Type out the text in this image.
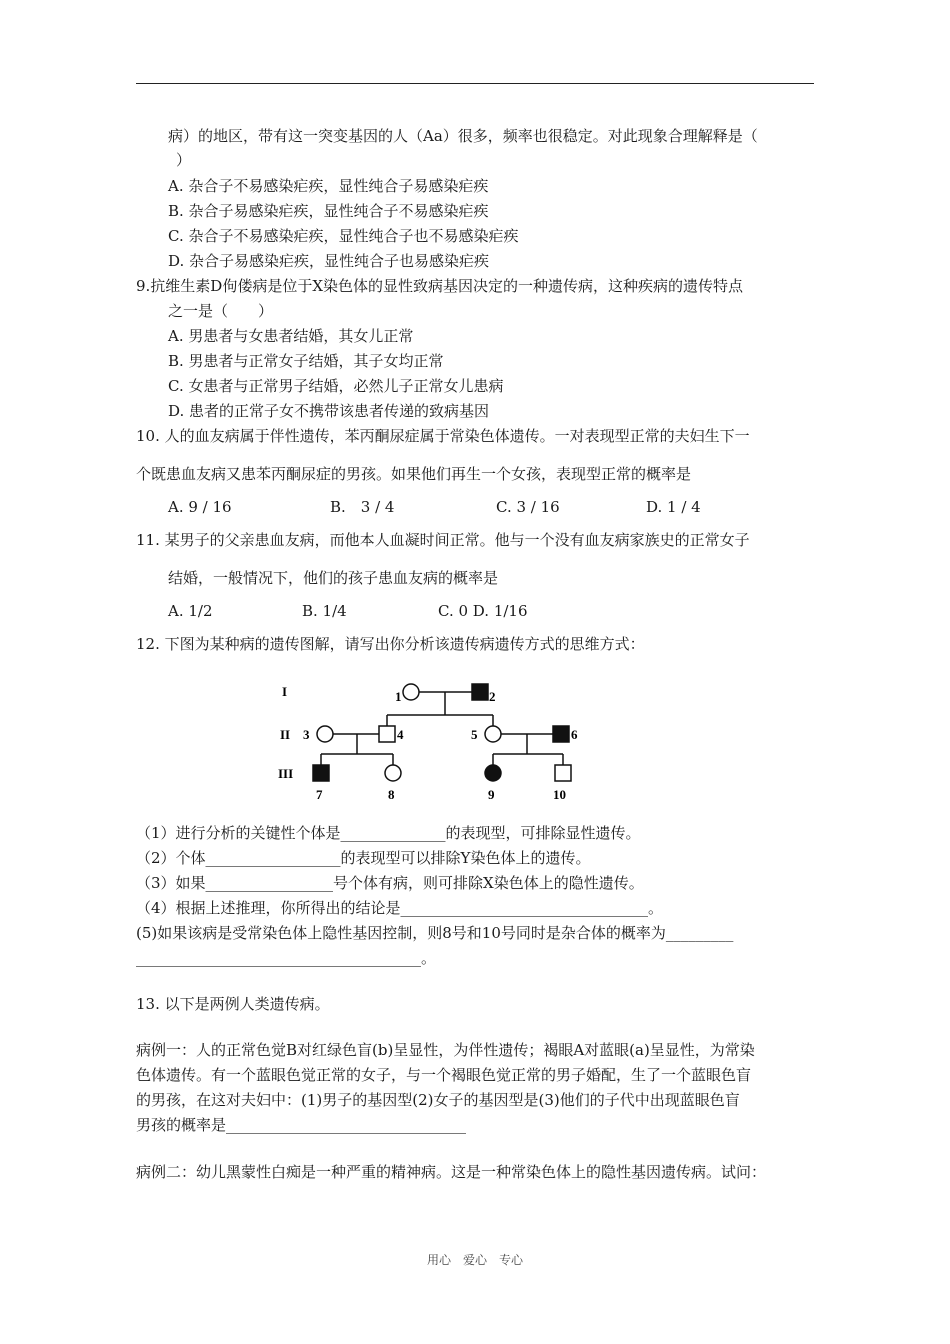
病）的地区，带有这一突变基因的人（Aa）很多，频率也很稳定。对此现象合理解释是（
）
A. 杂合子不易感染疟疾，显性纯合子易感染疟疾
B. 杂合子易感染疟疾，显性纯合子不易感染疟疾
C. 杂合子不易感染疟疾，显性纯合子也不易感染疟疾
D. 杂合子易感染疟疾，显性纯合子也易感染疟疾
9.抗维生素D佝偻病是位于X染色体的显性致病基因决定的一种遗传病，这种疾病的遗传特点
之一是（　　）
A. 男患者与女患者结婚，其女儿正常
B. 男患者与正常女子结婚，其子女均正常
C. 女患者与正常男子结婚，必然儿子正常女儿患病
D. 患者的正常子女不携带该患者传递的致病基因
10. 人的血友病属于伴性遗传，苯丙酮尿症属于常染色体遗传。一对表现型正常的夫妇生下一
个既患血友病又患苯丙酮尿症的男孩。如果他们再生一个女孩，表现型正常的概率是
A. 9 / 16	B.　3 / 4	C. 3 / 16	D. 1 / 4
11. 某男子的父亲患血友病，而他本人血凝时间正常。他与一个没有血友病家族史的正常女子
结婚，一般情况下，他们的孩子患血友病的概率是
A. 1/2	B. 1/4	C. 0 D. 1/16
12. 下图为某种病的遗传图解，请写出你分析该遗传病遗传方式的思维方式：
I
II
III
1	2
3	4	5	6
7	8	9	10
（1）进行分析的关键性个体是______________的表现型，可排除显性遗传。
（2）个体__________________的表现型可以排除Y染色体上的遗传。
（3）如果_________________号个体有病，则可排除X染色体上的隐性遗传。
（4）根据上述推理，你所得出的结论是_________________________________。
(5)如果该病是受常染色体上隐性基因控制，则8号和10号同时是杂合体的概率为_________
______________________________________。
13. 以下是两例人类遗传病。
病例一：人的正常色觉B对红绿色盲(b)呈显性，为伴性遗传；褐眼A对蓝眼(a)呈显性，为常染
色体遗传。有一个蓝眼色觉正常的女子，与一个褐眼色觉正常的男子婚配，生了一个蓝眼色盲
的男孩，在这对夫妇中：(1)男子的基因型(2)女子的基因型是(3)他们的子代中出现蓝眼色盲
男孩的概率是________________________________
病例二：幼儿黑蒙性白痴是一种严重的精神病。这是一种常染色体上的隐性基因遗传病。试问：
用心　爱心　专心
